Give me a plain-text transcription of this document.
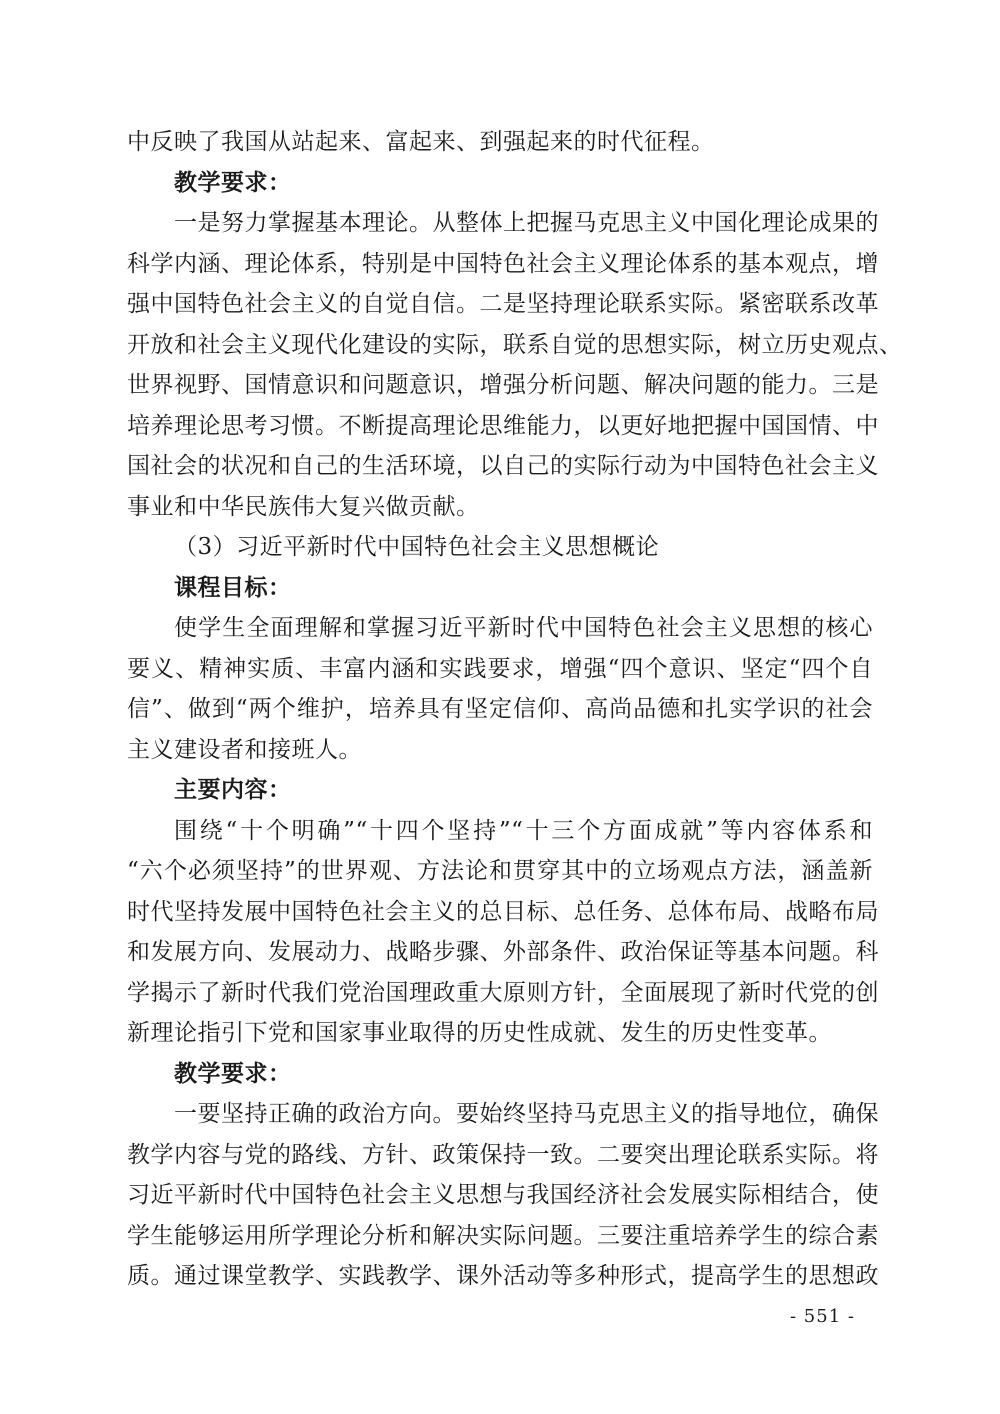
中反映了我国从站起来、富起来、到强起来的时代征程。
教学要求：
一是努力掌握基本理论。从整体上把握马克思主义中国化理论成果的
科学内涵、理论体系，特别是中国特色社会主义理论体系的基本观点，增
强中国特色社会主义的自觉自信。二是坚持理论联系实际。紧密联系改革
开放和社会主义现代化建设的实际，联系自觉的思想实际，树立历史观点、
世界视野、国情意识和问题意识，增强分析问题、解决问题的能力。三是
培养理论思考习惯。不断提高理论思维能力，以更好地把握中国国情、中
国社会的状况和自己的生活环境，以自己的实际行动为中国特色社会主义
事业和中华民族伟大复兴做贡献。
（3）习近平新时代中国特色社会主义思想概论
课程目标：
使学生全面理解和掌握习近平新时代中国特色社会主义思想的核心
要义、精神实质、丰富内涵和实践要求，增强“四个意识、坚定“四个自
信”、做到“两个维护，培养具有坚定信仰、高尚品德和扎实学识的社会
主义建设者和接班人。
主要内容：
围绕“十个明确”“十四个坚持”“十三个方面成就”等内容体系和
“六个必须坚持”的世界观、方法论和贯穿其中的立场观点方法，涵盖新
时代坚持发展中国特色社会主义的总目标、总任务、总体布局、战略布局
和发展方向、发展动力、战略步骤、外部条件、政治保证等基本问题。科
学揭示了新时代我们党治国理政重大原则方针，全面展现了新时代党的创
新理论指引下党和国家事业取得的历史性成就、发生的历史性变革。
教学要求：
一要坚持正确的政治方向。要始终坚持马克思主义的指导地位，确保
教学内容与党的路线、方针、政策保持一致。二要突出理论联系实际。将
习近平新时代中国特色社会主义思想与我国经济社会发展实际相结合，使
学生能够运用所学理论分析和解决实际问题。三要注重培养学生的综合素
质。通过课堂教学、实践教学、课外活动等多种形式，提高学生的思想政
- 551 -
